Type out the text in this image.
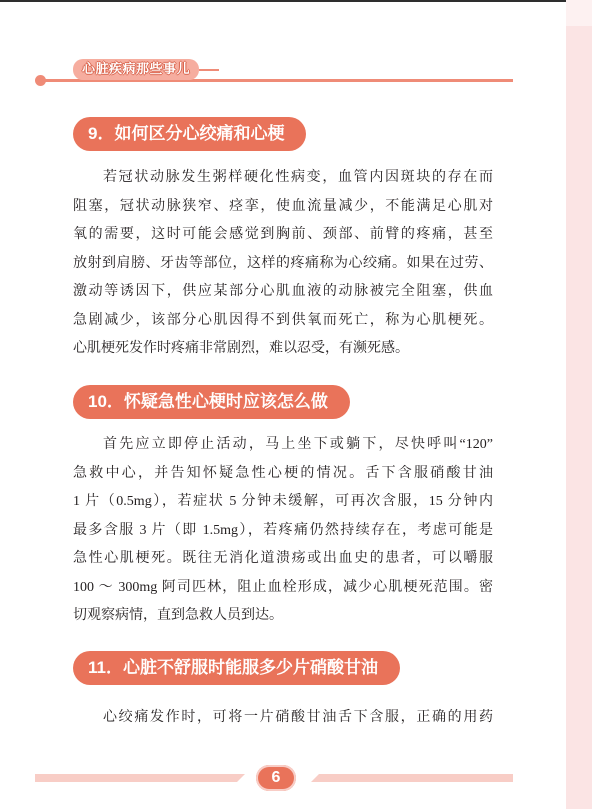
心脏疾病那些事儿
9．如何区分心绞痛和心梗
若冠状动脉发生粥样硬化性病变，血管内因斑块的存在而
阻塞，冠状动脉狭窄、痉挛，使血流量减少，不能满足心肌对
氧的需要，这时可能会感觉到胸前、颈部、前臂的疼痛，甚至
放射到肩膀、牙齿等部位，这样的疼痛称为心绞痛。如果在过劳、
激动等诱因下，供应某部分心肌血液的动脉被完全阻塞，供血
急剧减少，该部分心肌因得不到供氧而死亡，称为心肌梗死。
心肌梗死发作时疼痛非常剧烈，难以忍受，有濒死感。
10．怀疑急性心梗时应该怎么做
首先应立即停止活动，马上坐下或躺下，尽快呼叫“120”
急救中心，并告知怀疑急性心梗的情况。舌下含服硝酸甘油
1 片（0.5mg），若症状 5 分钟未缓解，可再次含服，15 分钟内
最多含服 3 片（即 1.5mg），若疼痛仍然持续存在，考虑可能是
急性心肌梗死。既往无消化道溃疡或出血史的患者，可以嚼服
100 ～ 300mg 阿司匹林，阻止血栓形成，减少心肌梗死范围。密
切观察病情，直到急救人员到达。
11．心脏不舒服时能服多少片硝酸甘油
心绞痛发作时，可将一片硝酸甘油舌下含服，正确的用药
6
